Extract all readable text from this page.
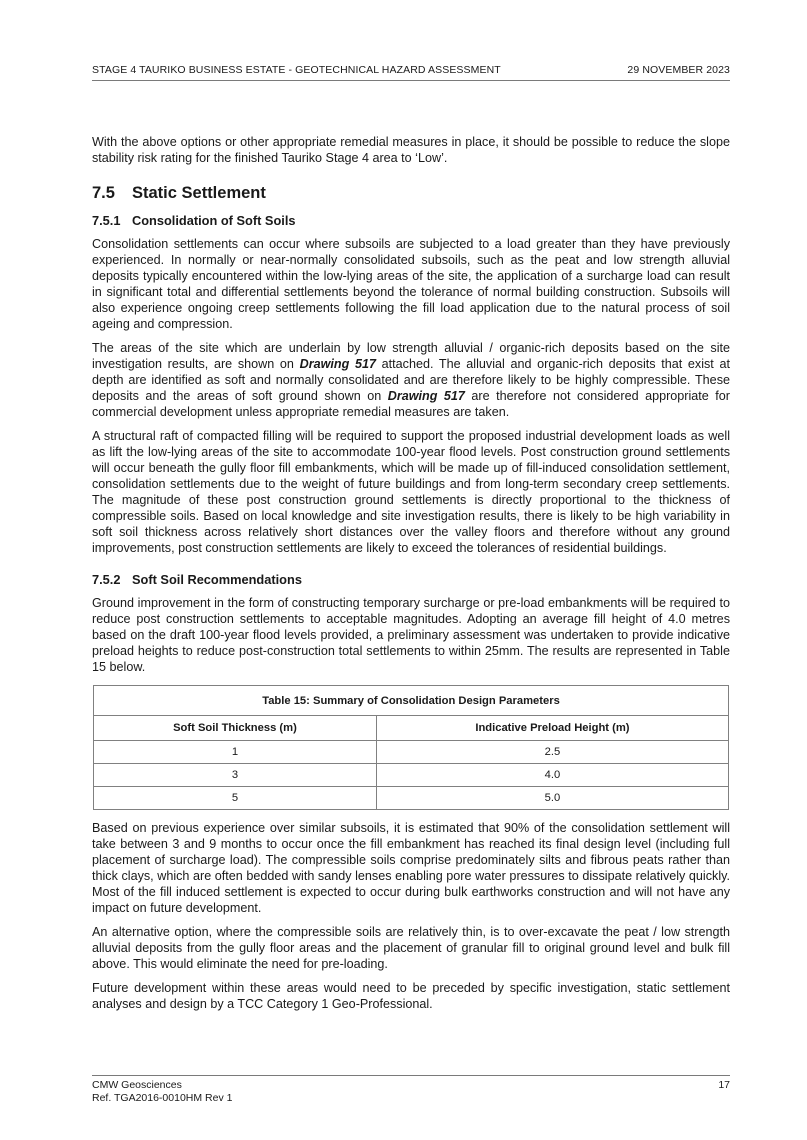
STAGE 4 TAURIKO BUSINESS ESTATE - GEOTECHNICAL HAZARD ASSESSMENT	29 NOVEMBER 2023

With the above options or other appropriate remedial measures in place, it should be possible to reduce the slope stability risk rating for the finished Tauriko Stage 4 area to ‘Low’.

7.5	Static Settlement
7.5.1 Consolidation of Soft Soils

Consolidation settlements can occur where subsoils are subjected to a load greater than they have previously experienced. In normally or near-normally consolidated subsoils, such as the peat and low strength alluvial deposits typically encountered within the low-lying areas of the site, the application of a surcharge load can result in significant total and differential settlements beyond the tolerance of normal building construction. Subsoils will also experience ongoing creep settlements following the fill load application due to the natural process of soil ageing and compression.

The areas of the site which are underlain by low strength alluvial / organic-rich deposits based on the site investigation results, are shown on Drawing 517 attached. The alluvial and organic-rich deposits that exist at depth are identified as soft and normally consolidated and are therefore likely to be highly compressible. These deposits and the areas of soft ground shown on Drawing 517 are therefore not considered appropriate for commercial development unless appropriate remedial measures are taken.

A structural raft of compacted filling will be required to support the proposed industrial development loads as well as lift the low-lying areas of the site to accommodate 100-year flood levels. Post construction ground settlements will occur beneath the gully floor fill embankments, which will be made up of fill-induced consolidation settlement, consolidation settlements due to the weight of future buildings and from long-term secondary creep settlements. The magnitude of these post construction ground settlements is directly proportional to the thickness of compressible soils. Based on local knowledge and site investigation results, there is likely to be high variability in soft soil thickness across relatively short distances over the valley floors and therefore without any ground improvements, post construction settlements are likely to exceed the tolerances of residential buildings.

7.5.2 Soft Soil Recommendations

Ground improvement in the form of constructing temporary surcharge or pre-load embankments will be required to reduce post construction settlements to acceptable magnitudes. Adopting an average fill height of 4.0 metres based on the draft 100-year flood levels provided, a preliminary assessment was undertaken to provide indicative preload heights to reduce post-construction total settlements to within 25mm. The results are represented in Table 15 below.

Table 15: Summary of Consolidation Design Parameters	
Soft Soil Thickness (m)	Indicative Preload Height (m)
1	2.5
3	4.0
5	5.0

Based on previous experience over similar subsoils, it is estimated that 90% of the consolidation settlement will take between 3 and 9 months to occur once the fill embankment has reached its final design level (including full placement of surcharge load). The compressible soils comprise predominately silts and fibrous peats rather than thick clays, which are often bedded with sandy lenses enabling pore water pressures to dissipate relatively quickly. Most of the fill induced settlement is expected to occur during bulk earthworks construction and will not have any impact on future development.

An alternative option, where the compressible soils are relatively thin, is to over-excavate the peat / low strength alluvial deposits from the gully floor areas and the placement of granular fill to original ground level and bulk fill above. This would eliminate the need for pre-loading.

Future development within these areas would need to be preceded by specific investigation, static settlement analyses and design by a TCC Category 1 Geo-Professional.

CMW Geosciences
Ref. TGA2016-0010HM Rev 1
17
